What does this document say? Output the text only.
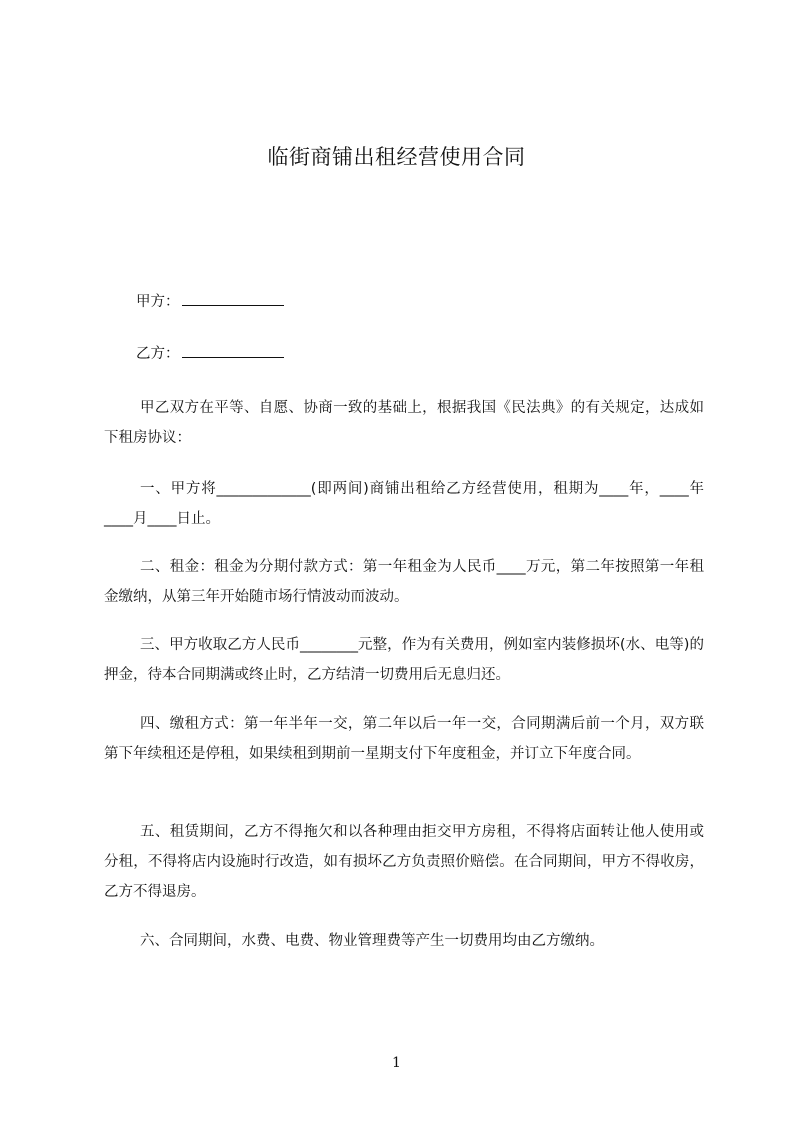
临街商铺出租经营使用合同
甲方：
乙方：

甲乙双方在平等、自愿、协商一致的基础上，根据我国《民法典》的有关规定，达成如下租房协议：

一、甲方将_____________(即两间)商铺出租给乙方经营使用，租期为____年，____年____月____日止。

二、租金：租金为分期付款方式：第一年租金为人民币____万元，第二年按照第一年租金缴纳，从第三年开始随市场行情波动而波动。

三、甲方收取乙方人民币________元整，作为有关费用，例如室内装修损坏(水、电等)的押金，待本合同期满或终止时，乙方结清一切费用后无息归还。

四、缴租方式：第一年半年一交，第二年以后一年一交，合同期满后前一个月，双方联第下年续租还是停租，如果续租到期前一星期支付下年度租金，并订立下年度合同。

五、租赁期间，乙方不得拖欠和以各种理由拒交甲方房租，不得将店面转让他人使用或分租，不得将店内设施时行改造，如有损坏乙方负责照价赔偿。在合同期间，甲方不得收房，乙方不得退房。

六、合同期间，水费、电费、物业管理费等产生一切费用均由乙方缴纳。

1
